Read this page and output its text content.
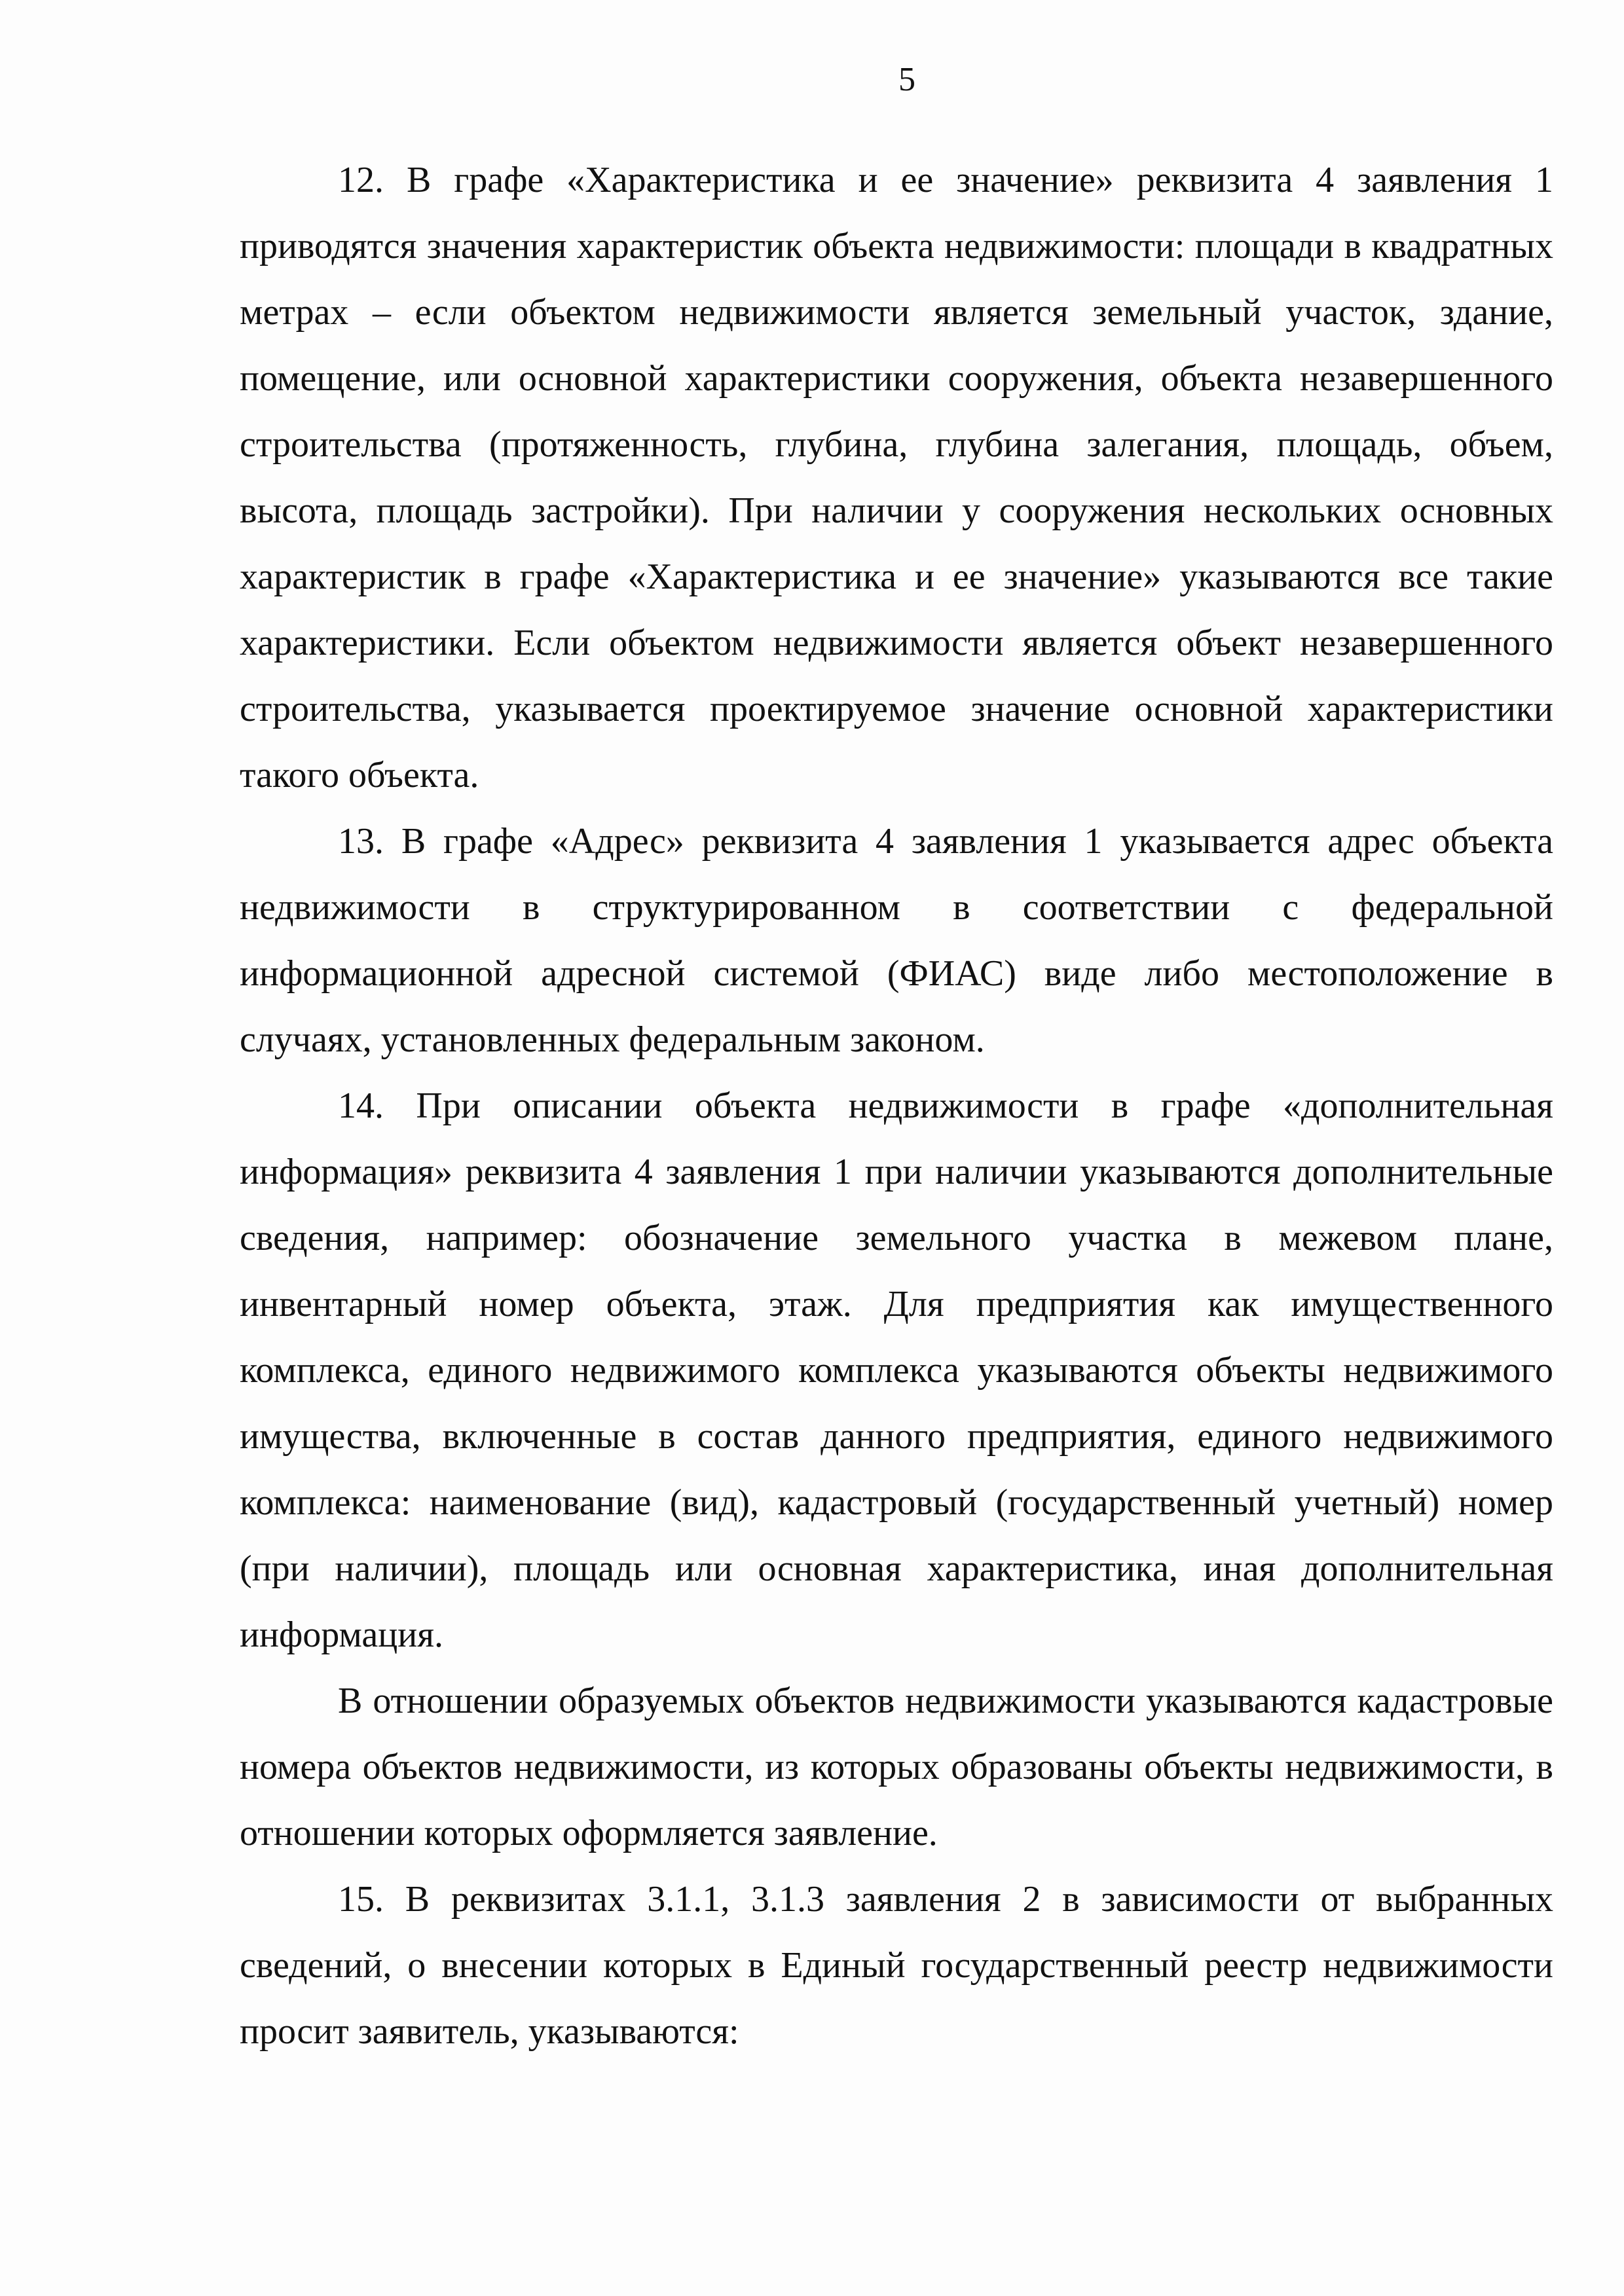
5

12. В графе «Характеристика и ее значение» реквизита 4 заявления 1 приводятся значения характеристик объекта недвижимости: площади в квадратных метрах – если объектом недвижимости является земельный участок, здание, помещение, или основной характеристики сооружения, объекта незавершенного строительства (протяженность, глубина, глубина залегания, площадь, объем, высота, площадь застройки). При наличии у сооружения нескольких основных характеристик в графе «Характеристика и ее значение» указываются все такие характеристики. Если объектом недвижимости является объект незавершенного строительства, указывается проектируемое значение основной характеристики такого объекта.

13. В графе «Адрес» реквизита 4 заявления 1 указывается адрес объекта недвижимости в структурированном в соответствии с федеральной информационной адресной системой (ФИАС) виде либо местоположение в случаях, установленных федеральным законом.

14. При описании объекта недвижимости в графе «дополнительная информация» реквизита 4 заявления 1 при наличии указываются дополнительные сведения, например: обозначение земельного участка в межевом плане, инвентарный номер объекта, этаж. Для предприятия как имущественного комплекса, единого недвижимого комплекса указываются объекты недвижимого имущества, включенные в состав данного предприятия, единого недвижимого комплекса: наименование (вид), кадастровый (государственный учетный) номер (при наличии), площадь или основная характеристика, иная дополнительная информация.

В отношении образуемых объектов недвижимости указываются кадастровые номера объектов недвижимости, из которых образованы объекты недвижимости, в отношении которых оформляется заявление.

15. В реквизитах 3.1.1, 3.1.3 заявления 2 в зависимости от выбранных сведений, о внесении которых в Единый государственный реестр недвижимости просит заявитель, указываются:
